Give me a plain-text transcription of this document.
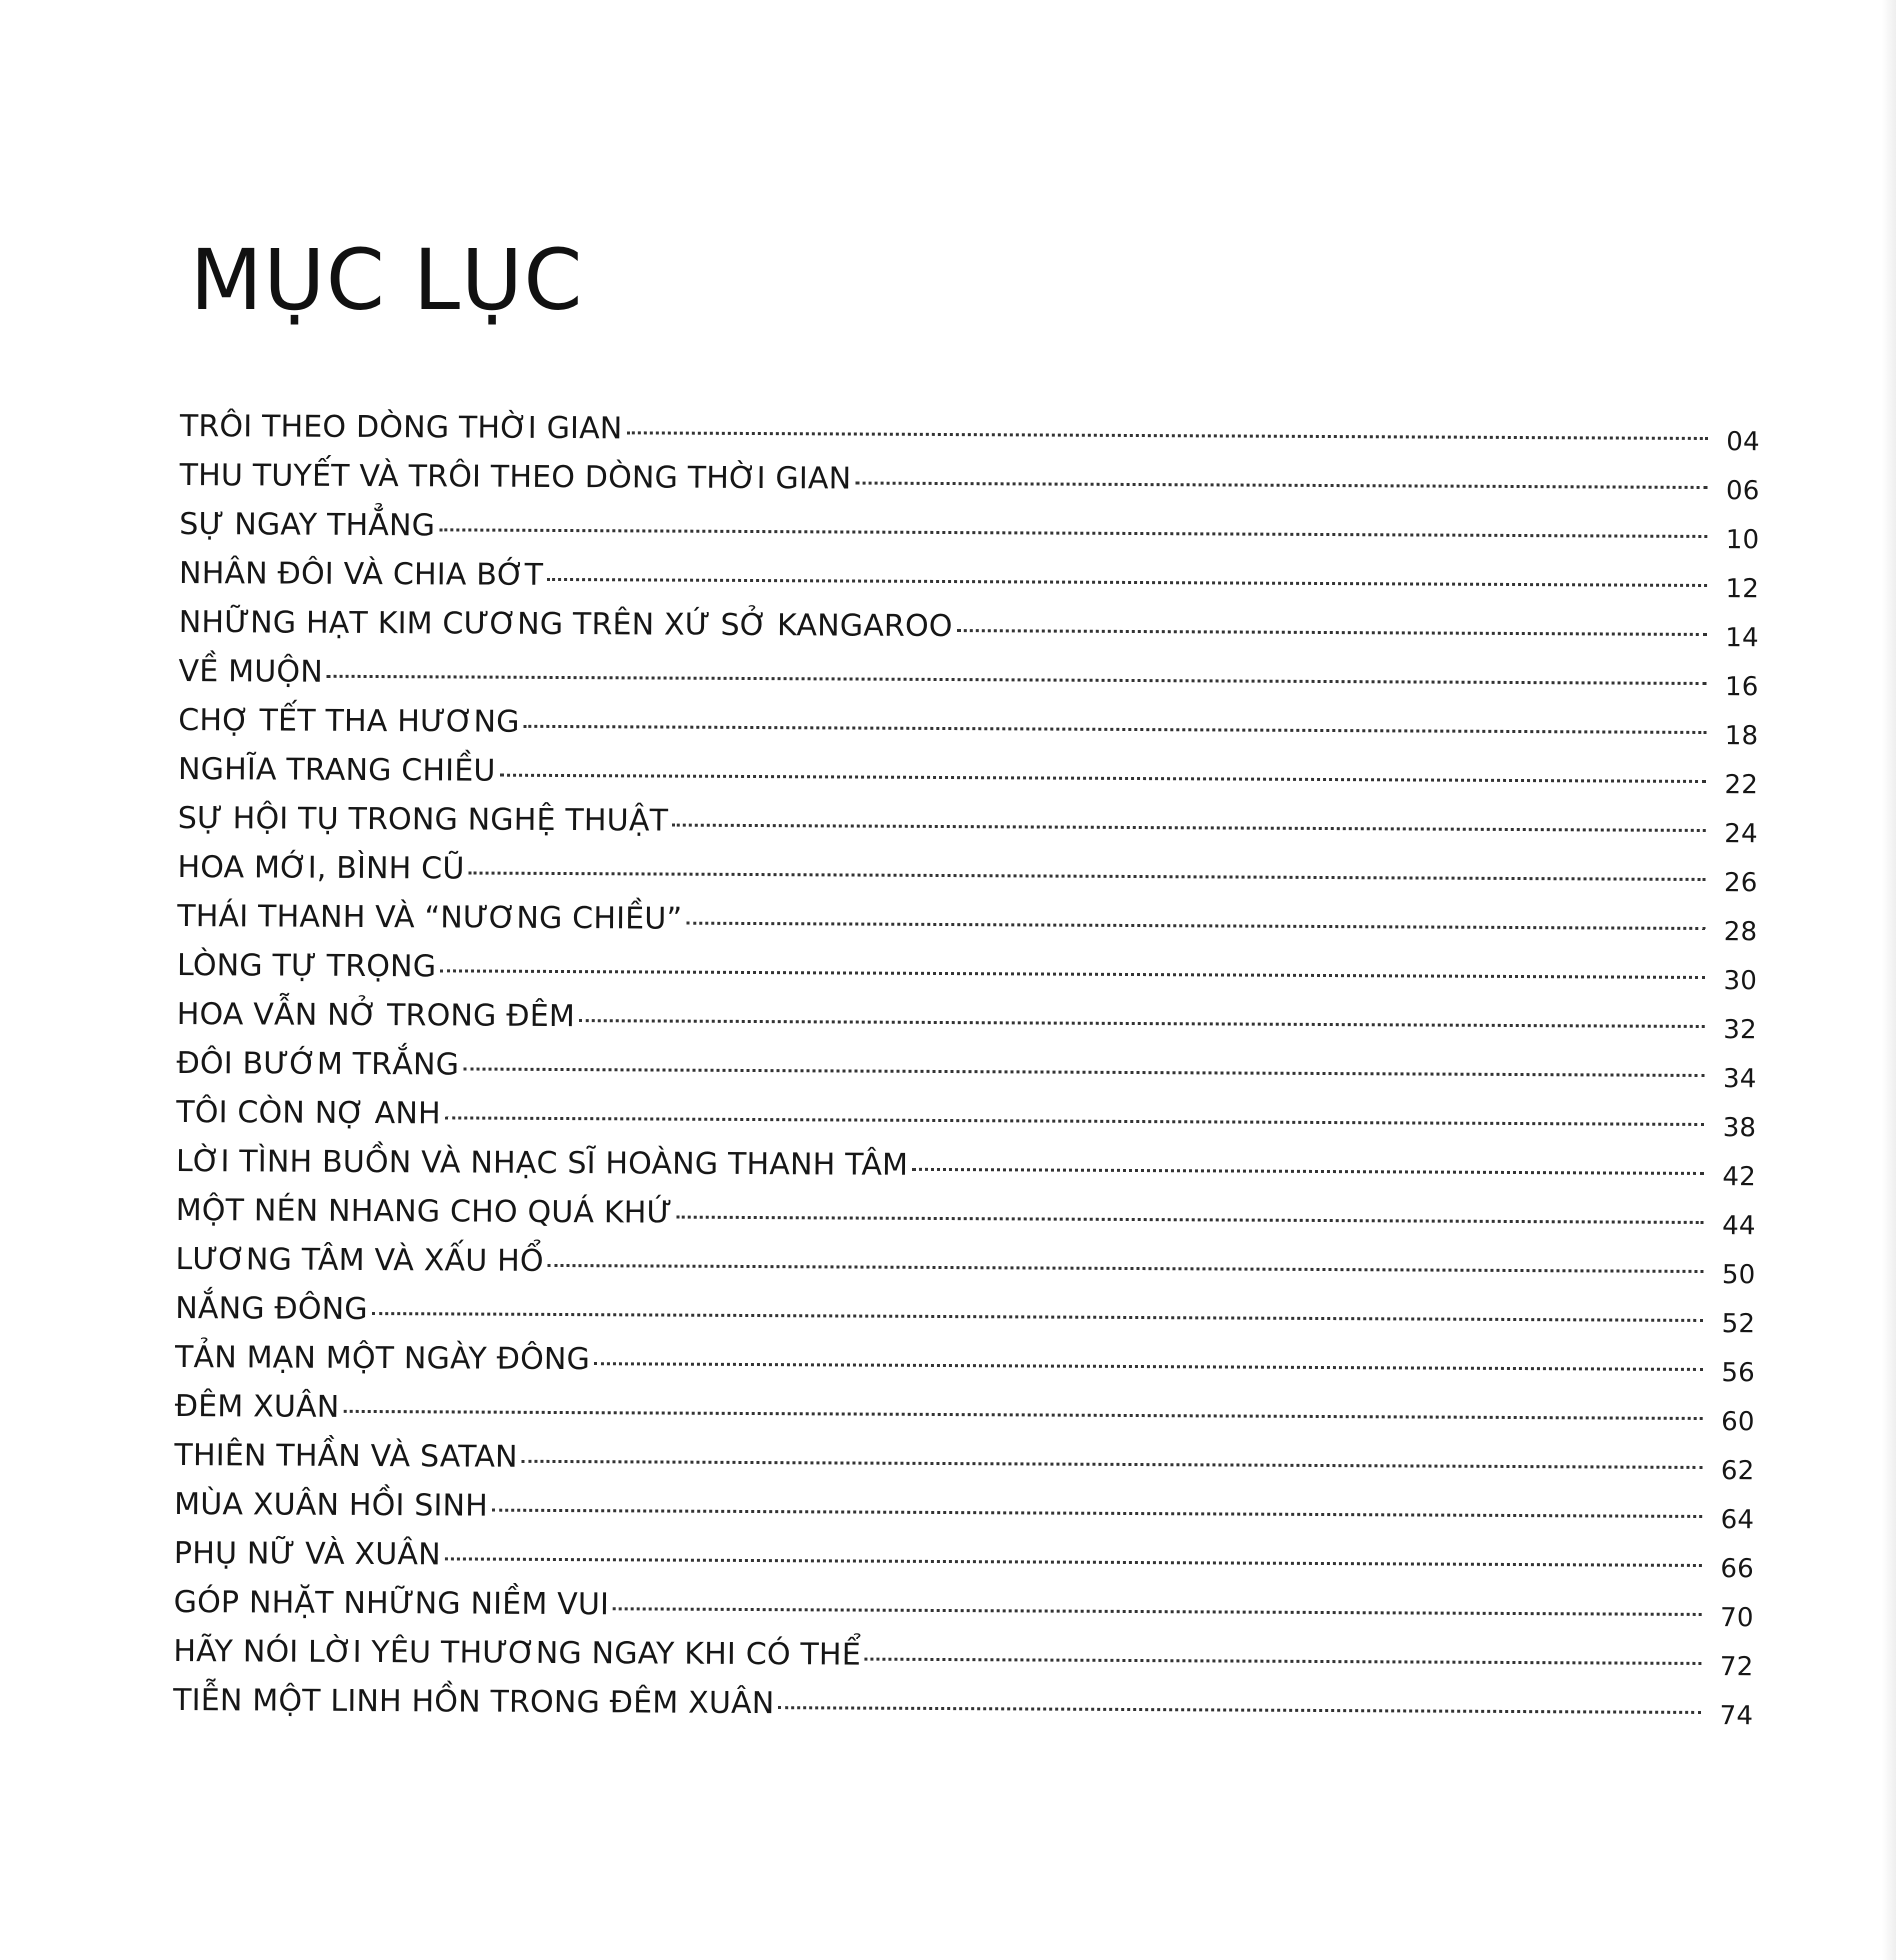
MỤC LỤC
TRÔI THEO DÒNG THỜI GIAN	04
THU TUYẾT VÀ TRÔI THEO DÒNG THỜI GIAN	06
SỰ NGAY THẲNG	10
NHÂN ĐÔI VÀ CHIA BỚT	12
NHỮNG HẠT KIM CƯƠNG TRÊN XỨ SỞ KANGAROO	14
VỀ MUỘN	16
CHỢ TẾT THA HƯƠNG	18
NGHĨA TRANG CHIỀU	22
SỰ HỘI TỤ TRONG NGHỆ THUẬT	24
HOA MỚI, BÌNH CŨ	26
THÁI THANH VÀ “NƯƠNG CHIỀU”	28
LÒNG TỰ TRỌNG	30
HOA VẪN NỞ TRONG ĐÊM	32
ĐÔI BƯỚM TRẮNG	34
TÔI CÒN NỢ ANH	38
LỜI TÌNH BUỒN VÀ NHẠC SĨ HOÀNG THANH TÂM	42
MỘT NÉN NHANG CHO QUÁ KHỨ	44
LƯƠNG TÂM VÀ XẤU HỔ	50
NẮNG ĐÔNG	52
TẢN MẠN MỘT NGÀY ĐÔNG	56
ĐÊM XUÂN	60
THIÊN THẦN VÀ SATAN	62
MÙA XUÂN HỒI SINH	64
PHỤ NỮ VÀ XUÂN	66
GÓP NHẶT NHỮNG NIỀM VUI	70
HÃY NÓI LỜI YÊU THƯƠNG NGAY KHI CÓ THỂ	72
TIỄN MỘT LINH HỒN TRONG ĐÊM XUÂN	74
